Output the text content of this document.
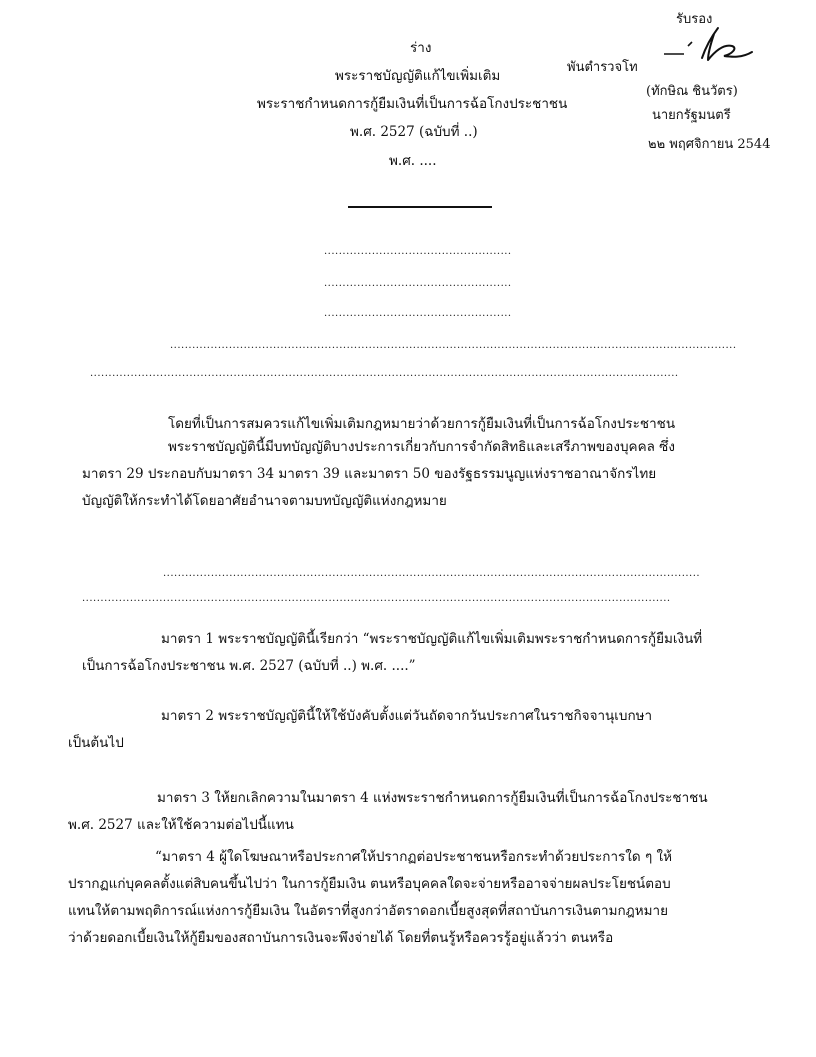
รับรอง
พันตำรวจโท
(ทักษิณ ชินวัตร)
นายกรัฐมนตรี
๒๒ พฤศจิกายน 2544
ร่าง
พระราชบัญญัติแก้ไขเพิ่มเติม
พระราชกำหนดการกู้ยืมเงินที่เป็นการฉ้อโกงประชาชน
พ.ศ. 2527 (ฉบับที่ ..)
พ.ศ. ....
...................................................
...................................................
...................................................
..........................................................................................................................................................
................................................................................................................................................................
โดยที่เป็นการสมควรแก้ไขเพิ่มเติมกฎหมายว่าด้วยการกู้ยืมเงินที่เป็นการฉ้อโกงประชาชน
พระราชบัญญัตินี้มีบทบัญญัติบางประการเกี่ยวกับการจำกัดสิทธิและเสรีภาพของบุคคล ซึ่ง
มาตรา 29 ประกอบกับมาตรา 34 มาตรา 39 และมาตรา 50 ของรัฐธรรมนูญแห่งราชอาณาจักรไทย
บัญญัติให้กระทำได้โดยอาศัยอำนาจตามบทบัญญัติแห่งกฎหมาย
..................................................................................................................................................
................................................................................................................................................................
มาตรา 1 พระราชบัญญัตินี้เรียกว่า “พระราชบัญญัติแก้ไขเพิ่มเติมพระราชกำหนดการกู้ยืมเงินที่
เป็นการฉ้อโกงประชาชน พ.ศ. 2527 (ฉบับที่ ..) พ.ศ. ....”
มาตรา 2 พระราชบัญญัตินี้ให้ใช้บังคับตั้งแต่วันถัดจากวันประกาศในราชกิจจานุเบกษา
เป็นต้นไป
มาตรา 3 ให้ยกเลิกความในมาตรา 4 แห่งพระราชกำหนดการกู้ยืมเงินที่เป็นการฉ้อโกงประชาชน
พ.ศ. 2527 และให้ใช้ความต่อไปนี้แทน
“มาตรา 4 ผู้ใดโฆษณาหรือประกาศให้ปรากฏต่อประชาชนหรือกระทำด้วยประการใด ๆ ให้
ปรากฏแก่บุคคลตั้งแต่สิบคนขึ้นไปว่า ในการกู้ยืมเงิน ตนหรือบุคคลใดจะจ่ายหรืออาจจ่ายผลประโยชน์ตอบ
แทนให้ตามพฤติการณ์แห่งการกู้ยืมเงิน ในอัตราที่สูงกว่าอัตราดอกเบี้ยสูงสุดที่สถาบันการเงินตามกฎหมาย
ว่าด้วยดอกเบี้ยเงินให้กู้ยืมของสถาบันการเงินจะพึงจ่ายได้ โดยที่ตนรู้หรือควรรู้อยู่แล้วว่า ตนหรือ
